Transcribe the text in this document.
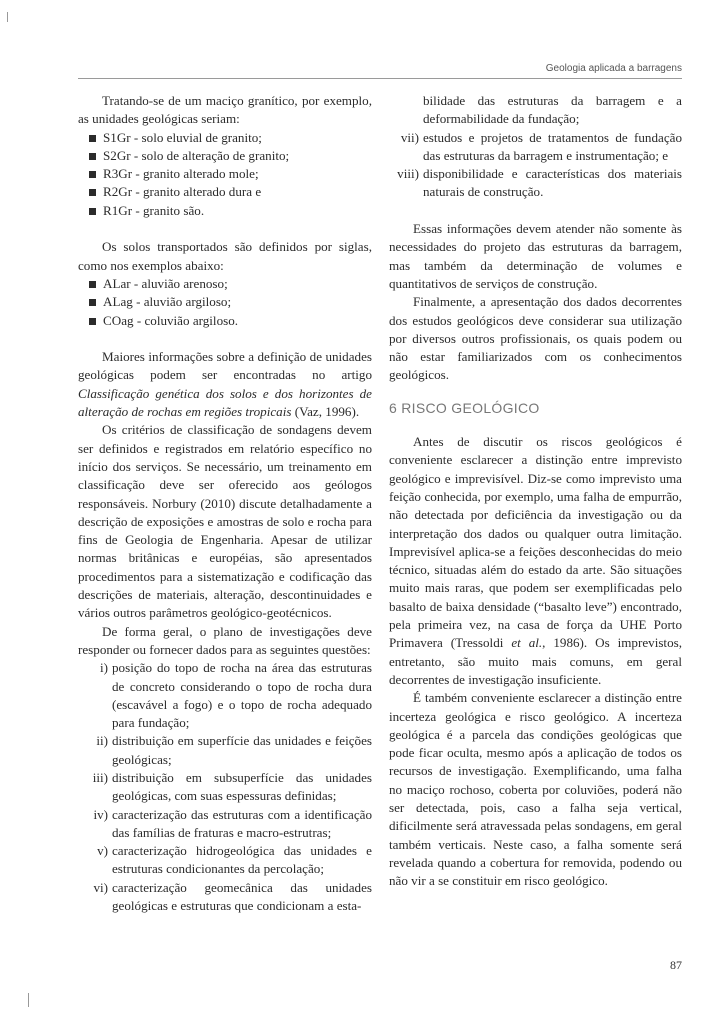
Geologia aplicada a barragens

Tratando-se de um maciço granítico, por exemplo, as unidades geológicas seriam:

S1Gr - solo eluvial de granito;
S2Gr - solo de alteração de granito;
R3Gr - granito alterado mole;
R2Gr - granito alterado dura e
R1Gr - granito são.

Os solos transportados são definidos por siglas, como nos exemplos abaixo:

ALar - aluvião arenoso;
ALag - aluvião argiloso;
COag - coluvião argiloso.

Maiores informações sobre a definição de unidades geológicas podem ser encontradas no artigo Classificação genética dos solos e dos horizontes de alteração de rochas em regiões tropicais (Vaz, 1996).

Os critérios de classificação de sondagens devem ser definidos e registrados em relatório específico no início dos serviços. Se necessário, um treinamento em classificação deve ser oferecido aos geólogos responsáveis. Norbury (2010) discute detalhadamente a descrição de exposições e amostras de solo e rocha para fins de Geologia de Engenharia. Apesar de utilizar normas britânicas e européias, são apresentados procedimentos para a sistematização e codificação das descrições de materiais, alteração, descontinuidades e vários outros parâmetros geológico-geotécnicos.

De forma geral, o plano de investigações deve responder ou fornecer dados para as seguintes questões:

i) posição do topo de rocha na área das estruturas de concreto considerando o topo de rocha dura (escavável a fogo) e o topo de rocha adequado para fundação;
ii) distribuição em superfície das unidades e feições geológicas;
iii) distribuição em subsuperfície das unidades geológicas, com suas espessuras definidas;
iv) caracterização das estruturas com a identificação das famílias de fraturas e macro-estrutras;
v) caracterização hidrogeológica das unidades e estruturas condicionantes da percolação;
vi) caracterização geomecânica das unidades geológicas e estruturas que condicionam a esta-
bilidade das estruturas da barragem e a deformabilidade da fundação;
vii) estudos e projetos de tratamentos de fundação das estruturas da barragem e instrumentação; e
viii) disponibilidade e características dos materiais naturais de construção.

Essas informações devem atender não somente às necessidades do projeto das estruturas da barragem, mas também da determinação de volumes e quantitativos de serviços de construção.

Finalmente, a apresentação dos dados decorrentes dos estudos geológicos deve considerar sua utilização por diversos outros profissionais, os quais podem ou não estar familiarizados com os conhecimentos geológicos.

6 RISCO GEOLÓGICO

Antes de discutir os riscos geológicos é conveniente esclarecer a distinção entre imprevisto geológico e imprevisível. Diz-se como imprevisto uma feição conhecida, por exemplo, uma falha de empurrão, não detectada por deficiência da investigação ou da interpretação dos dados ou qualquer outra limitação. Imprevisível aplica-se a feições desconhecidas do meio técnico, situadas além do estado da arte. São situações muito mais raras, que podem ser exemplificadas pelo basalto de baixa densidade (“basalto leve”) encontrado, pela primeira vez, na casa de força da UHE Porto Primavera (Tressoldi et al., 1986). Os imprevistos, entretanto, são muito mais comuns, em geral decorrentes de investigação insuficiente.

É também conveniente esclarecer a distinção entre incerteza geológica e risco geológico. A incerteza geológica é a parcela das condições geológicas que pode ficar oculta, mesmo após a aplicação de todos os recursos de investigação. Exemplificando, uma falha no maciço rochoso, coberta por coluviões, poderá não ser detectada, pois, caso a falha seja vertical, dificilmente será atravessada pelas sondagens, em geral também verticais. Neste caso, a falha somente será revelada quando a cobertura for removida, podendo ou não vir a se constituir em risco geológico.

87
